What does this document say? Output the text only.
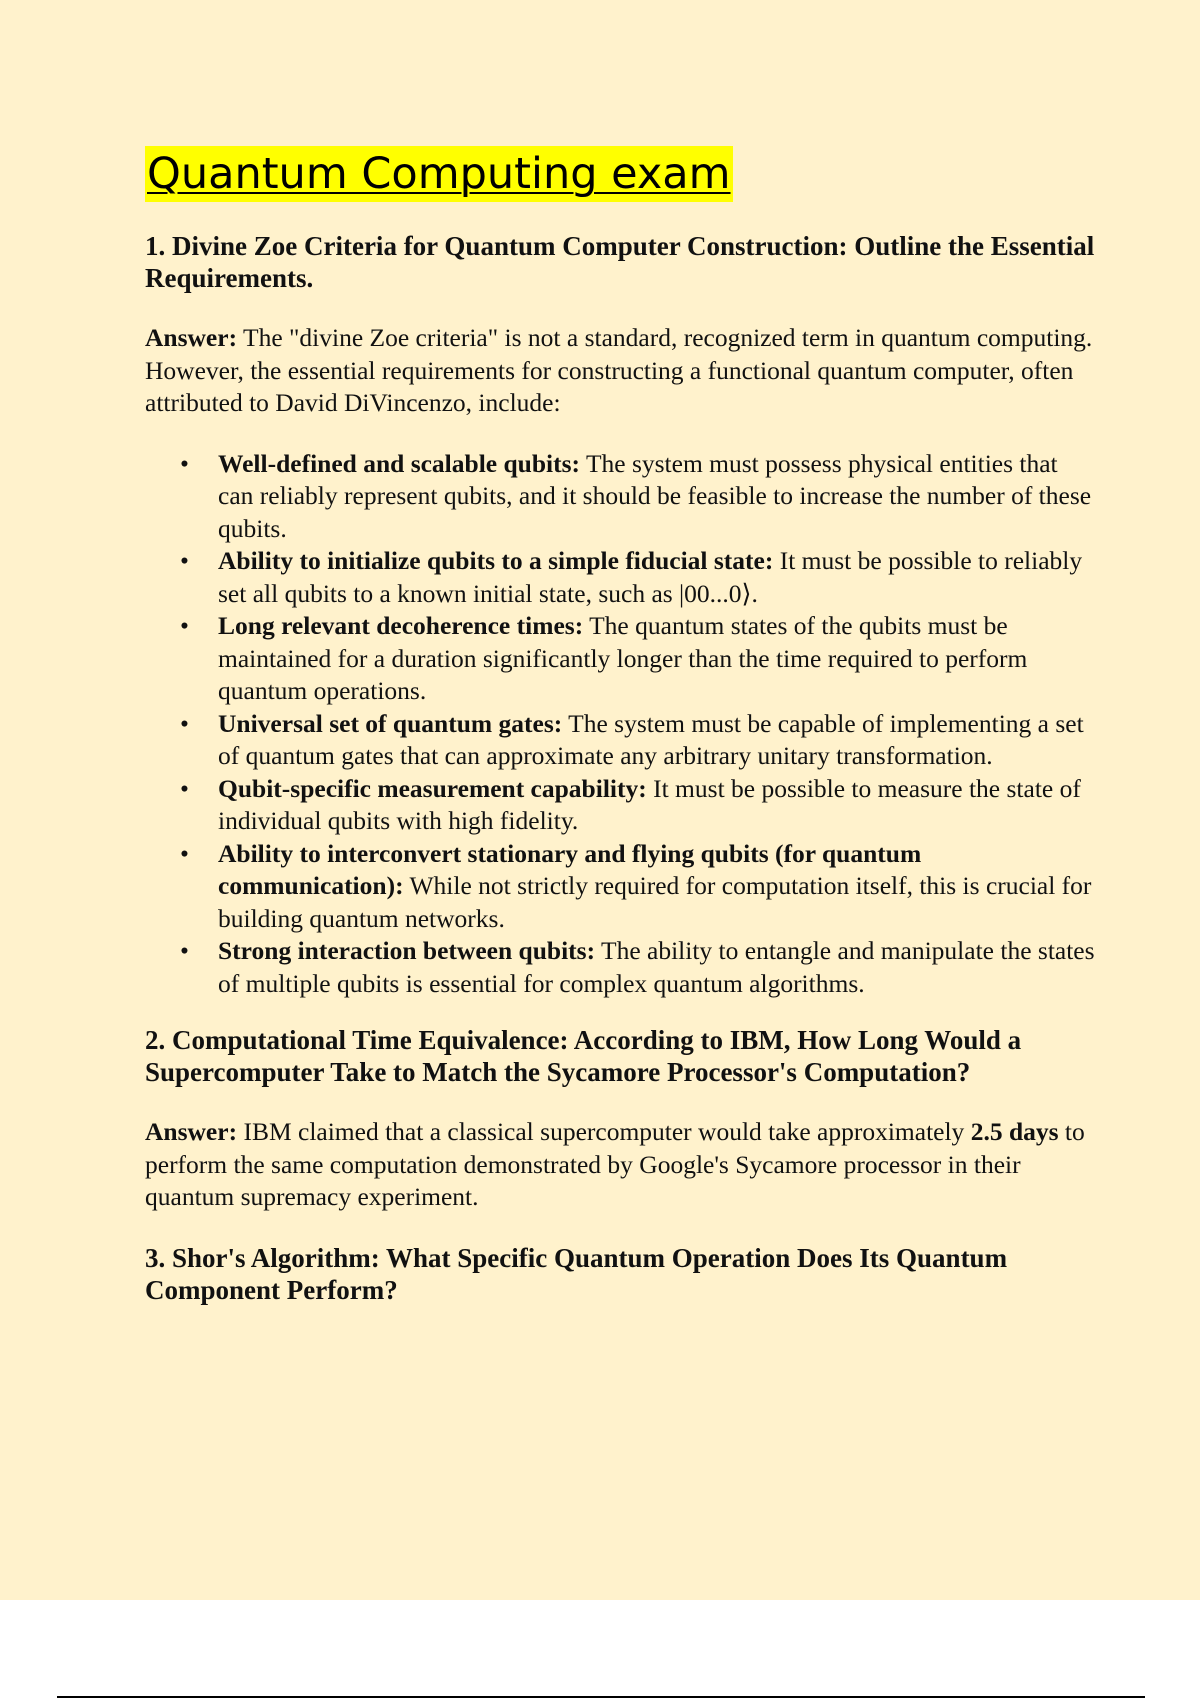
Quantum Computing exam
1. Divine Zoe Criteria for Quantum Computer Construction: Outline the Essential Requirements.

Answer: The "divine Zoe criteria" is not a standard, recognized term in quantum computing. However, the essential requirements for constructing a functional quantum computer, often attributed to David DiVincenzo, include:

• Well-defined and scalable qubits: The system must possess physical entities that can reliably represent qubits, and it should be feasible to increase the number of these qubits.
• Ability to initialize qubits to a simple fiducial state: It must be possible to reliably set all qubits to a known initial state, such as |00...0⟩.
• Long relevant decoherence times: The quantum states of the qubits must be maintained for a duration significantly longer than the time required to perform quantum operations.
• Universal set of quantum gates: The system must be capable of implementing a set of quantum gates that can approximate any arbitrary unitary transformation.
• Qubit-specific measurement capability: It must be possible to measure the state of individual qubits with high fidelity.
• Ability to interconvert stationary and flying qubits (for quantum communication): While not strictly required for computation itself, this is crucial for building quantum networks.
• Strong interaction between qubits: The ability to entangle and manipulate the states of multiple qubits is essential for complex quantum algorithms.
2. Computational Time Equivalence: According to IBM, How Long Would a Supercomputer Take to Match the Sycamore Processor's Computation?

Answer: IBM claimed that a classical supercomputer would take approximately 2.5 days to perform the same computation demonstrated by Google's Sycamore processor in their quantum supremacy experiment.

3. Shor's Algorithm: What Specific Quantum Operation Does Its Quantum Component Perform?
